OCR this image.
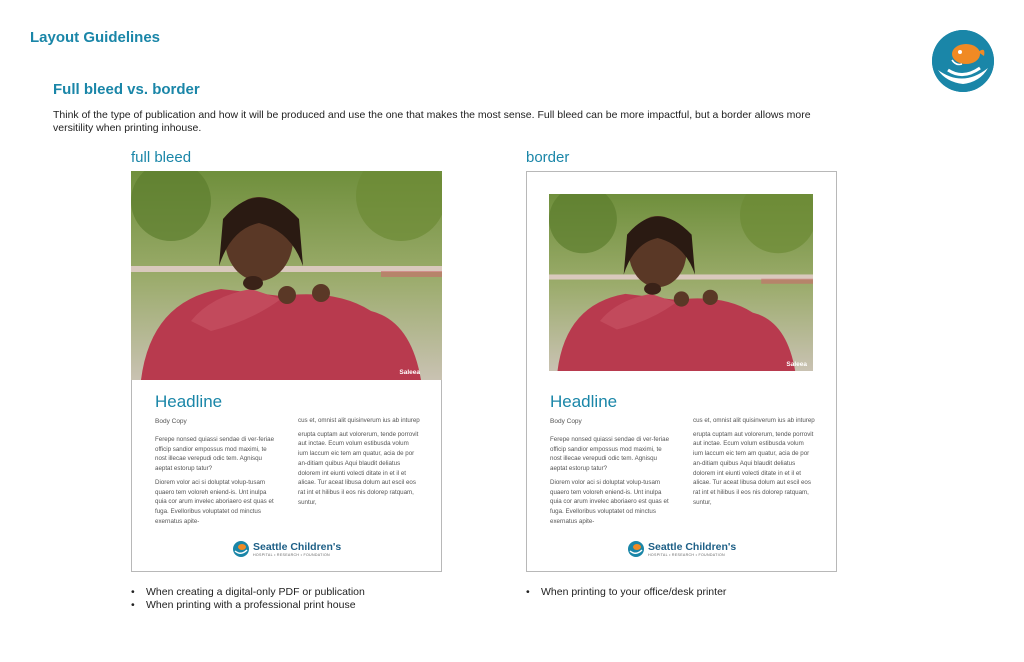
Layout Guidelines
Full bleed vs. border
Think of the type of publication and how it will be produced and use the one that makes the most sense. Full bleed can be more impactful, but a border allows more versitility when printing inhouse.
full bleed
Saleea
Headline
Body Copy

Ferepe nonsed quiassi sendae di ver-feriae officip sandior empossus mod maximi, te nost illecae verepudi odic tem. Agnisqu aeptat estorup tatur?

Diorem volor aci si doluptat volup-tusam quaero tem voloreh eniend-is. Unt inulpa quia cor arum invelec aboriaero est quas et fuga. Evelloribus voluptatet od minctus exernatus apite-

cus et, omnist alit quisinverum ius ab inturep

erupta cuptam aut volorerum, tende porrovit aut inctae. Ecum volum estibusda volum ium laccum eic tem am quatur, acia de por an-ditiam quibus Aqui blaudit deliatus dolorem int eiunti volecti ditate in et il et alicae. Tur aceat libusa dolum aut escil eos rat int et hilibus il eos nis dolorep ratquam, suntur,

Seattle Children's
HOSPITAL • RESEARCH • FOUNDATION
• When creating a digital-only PDF or publication
• When printing with a professional print house
border
Saleea
Headline
Body Copy

Ferepe nonsed quiassi sendae di ver-feriae officip sandior empossus mod maximi, te nost illecae verepudi odic tem. Agnisqu aeptat estorup tatur?

Diorem volor aci si doluptat volup-tusam quaero tem voloreh eniend-is. Unt inulpa quia cor arum invelec aboriaero est quas et fuga. Evelloribus voluptatet od minctus exernatus apite-

cus et, omnist alit quisinverum ius ab inturep

erupta cuptam aut volorerum, tende porrovit aut inctae. Ecum volum estibusda volum ium laccum eic tem am quatur, acia de por an-ditiam quibus Aqui blaudit deliatus dolorem int eiunti volecti ditate in et il et alicae. Tur aceat libusa dolum aut escil eos rat int et hilibus il eos nis dolorep ratquam, suntur,

Seattle Children's
HOSPITAL • RESEARCH • FOUNDATION
• When printing to your office/desk printer
